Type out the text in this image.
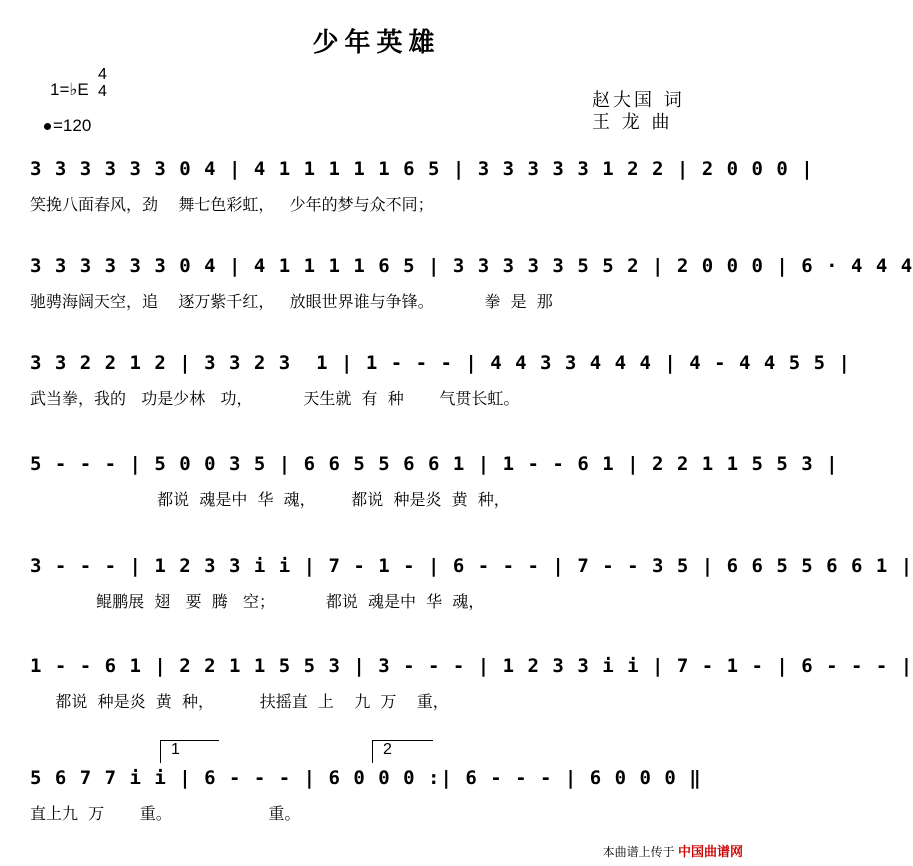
少年英雄
1=♭E
4
4
=120
赵大国 词
王 龙 曲
3 3 3 3 3 3 0 4 | 4 1 1 1 1 1 6 5 | 3 3 3 3 3 1 2 2 | 2 0 0 0 |
笑挽八面春风，劲    舞七色彩虹，   少年的梦与众不同；
3 3 3 3 3 3 0 4 | 4 1 1 1 1 6 5 | 3 3 3 3 3 5 5 2 | 2 0 0 0 | 6 · 4 4 4
驰骋海阔天空，追    逐万紫千红，   放眼世界谁与争锋。          拳  是  那
3 3 2 2 1 2 | 3 3 2 3  1 | 1 - - - | 4 4 3 3 4 4 4 | 4 - 4 4 5 5 |
武当拳，我的   功是少林   功，          天生就  有  种       气贯长虹。
5 - - - | 5 0 0 3 5 | 6 6 5 5 6 6 1 | 1 - - 6 1 | 2 2 1 1 5 5 3 |
都说  魂是中  华  魂，       都说  种是炎  黄  种，
3 - - - | 1 2 3 3 i i | 7 - 1 - | 6 - - - | 7 - - 3 5 | 6 6 5 5 6 6 1 |
鲲鹏展  翅   要  腾   空；          都说  魂是中  华  魂，
1 - - 6 1 | 2 2 1 1 5 5 3 | 3 - - - | 1 2 3 3 i i | 7 - 1 - | 6 - - - |
都说  种是炎  黄  种，         扶摇直  上    九  万    重，
1	2
5 6 7 7 i i | 6 - - - | 6 0 0 0 :| 6 - - - | 6 0 0 0 ‖
直上九  万       重。                   重。
本曲谱上传于 中国曲谱网
